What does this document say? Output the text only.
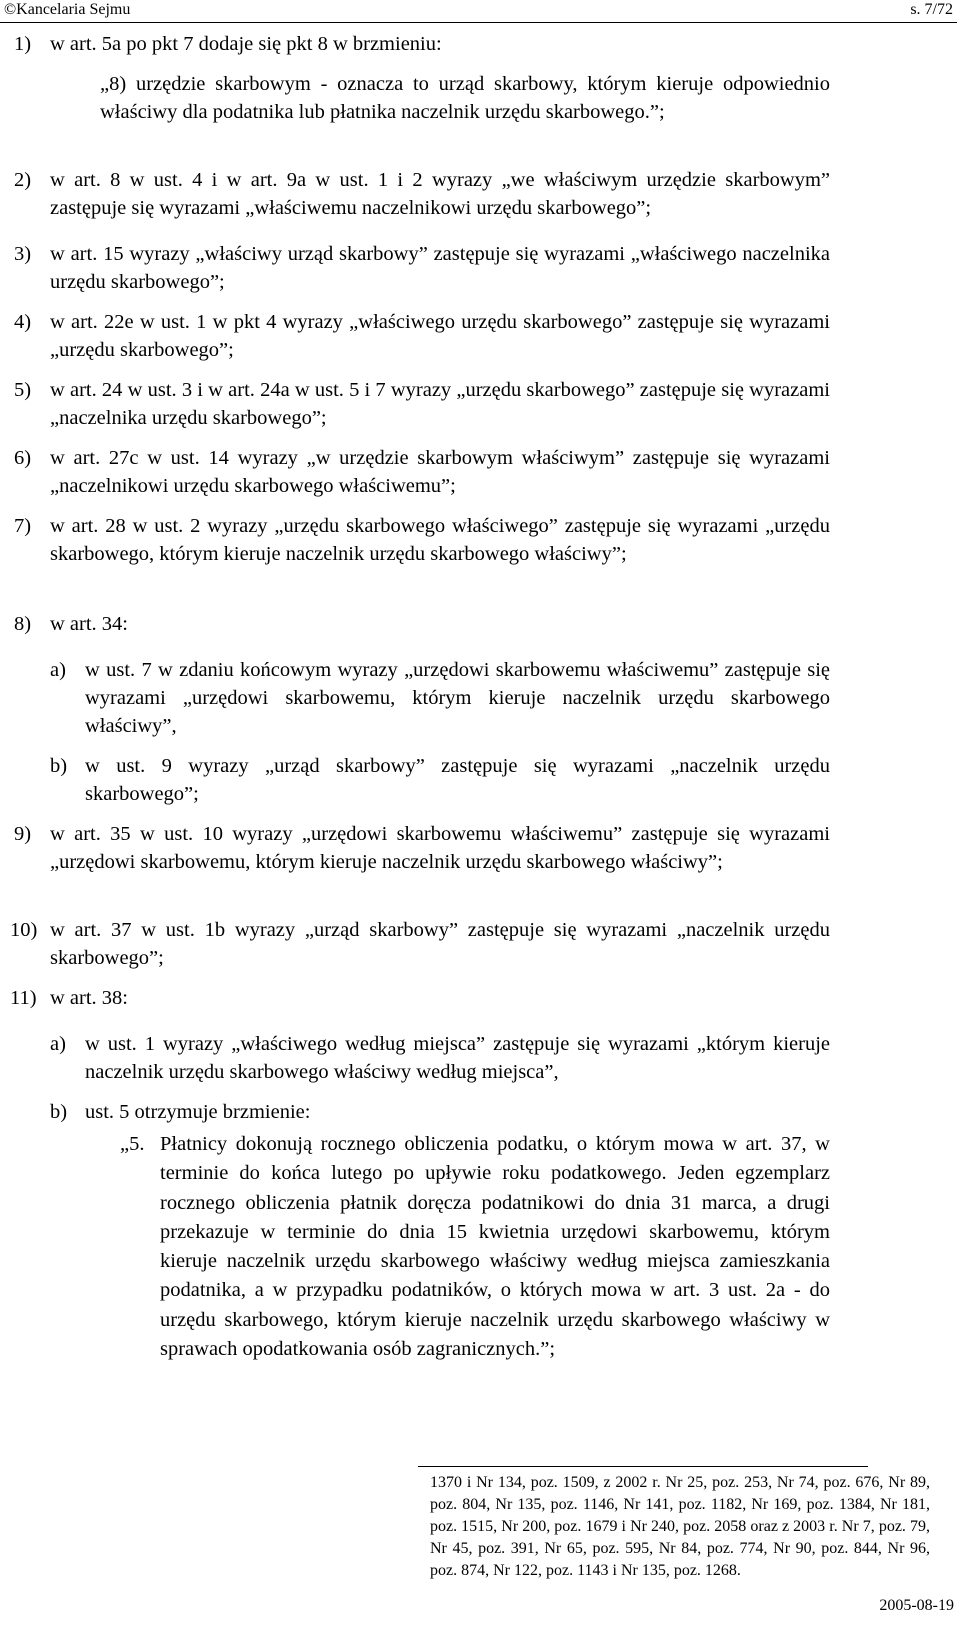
©Kancelaria Sejmu	s. 7/72
1) w art. 5a po pkt 7 dodaje się pkt 8 w brzmieniu:
„8) urzędzie skarbowym - oznacza to urząd skarbowy, którym kieruje odpowiednio właściwy dla podatnika lub płatnika naczelnik urzędu skarbowego.”;
2) w art. 8 w ust. 4 i w art. 9a w ust. 1 i 2 wyrazy „we właściwym urzędzie skarbowym” zastępuje się wyrazami „właściwemu naczelnikowi urzędu skarbowego”;
3) w art. 15 wyrazy „właściwy urząd skarbowy” zastępuje się wyrazami „właściwego naczelnika urzędu skarbowego”;
4) w art. 22e w ust. 1 w pkt 4 wyrazy „właściwego urzędu skarbowego” zastępuje się wyrazami „urzędu skarbowego”;
5) w art. 24 w ust. 3 i w art. 24a w ust. 5 i 7 wyrazy „urzędu skarbowego” zastępuje się wyrazami „naczelnika urzędu skarbowego”;
6) w art. 27c w ust. 14 wyrazy „w urzędzie skarbowym właściwym” zastępuje się wyrazami „naczelnikowi urzędu skarbowego właściwemu”;
7) w art. 28 w ust. 2 wyrazy „urzędu skarbowego właściwego” zastępuje się wyrazami „urzędu skarbowego, którym kieruje naczelnik urzędu skarbowego właściwy”;
8) w art. 34:
a) w ust. 7 w zdaniu końcowym wyrazy „urzędowi skarbowemu właściwemu” zastępuje się wyrazami „urzędowi skarbowemu, którym kieruje naczelnik urzędu skarbowego właściwy”,
b) w ust. 9 wyrazy „urząd skarbowy” zastępuje się wyrazami „naczelnik urzędu skarbowego”;
9) w art. 35 w ust. 10 wyrazy „urzędowi skarbowemu właściwemu” zastępuje się wyrazami „urzędowi skarbowemu, którym kieruje naczelnik urzędu skarbowego właściwy”;
10) w art. 37 w ust. 1b wyrazy „urząd skarbowy” zastępuje się wyrazami „naczelnik urzędu skarbowego”;
11) w art. 38:
a) w ust. 1 wyrazy „właściwego według miejsca” zastępuje się wyrazami „którym kieruje naczelnik urzędu skarbowego właściwy według miejsca”,
b) ust. 5 otrzymuje brzmienie:
„5. Płatnicy dokonują rocznego obliczenia podatku, o którym mowa w art. 37, w terminie do końca lutego po upływie roku podatkowego. Jeden egzemplarz rocznego obliczenia płatnik doręcza podatnikowi do dnia 31 marca, a drugi przekazuje w terminie do dnia 15 kwietnia urzędowi skarbowemu, którym kieruje naczelnik urzędu skarbowego właściwy według miejsca zamieszkania podatnika, a w przypadku podatników, o których mowa w art. 3 ust. 2a - do urzędu skarbowego, którym kieruje naczelnik urzędu skarbowego właściwy w sprawach opodatkowania osób zagranicznych.”;
1370 i Nr 134, poz. 1509, z 2002 r. Nr 25, poz. 253, Nr 74, poz. 676, Nr 89, poz. 804, Nr 135, poz. 1146, Nr 141, poz. 1182, Nr 169, poz. 1384, Nr 181, poz. 1515, Nr 200, poz. 1679 i Nr 240, poz. 2058 oraz z 2003 r. Nr 7, poz. 79, Nr 45, poz. 391, Nr 65, poz. 595, Nr 84, poz. 774, Nr 90, poz. 844, Nr 96, poz. 874, Nr 122, poz. 1143 i Nr 135, poz. 1268.
2005-08-19
